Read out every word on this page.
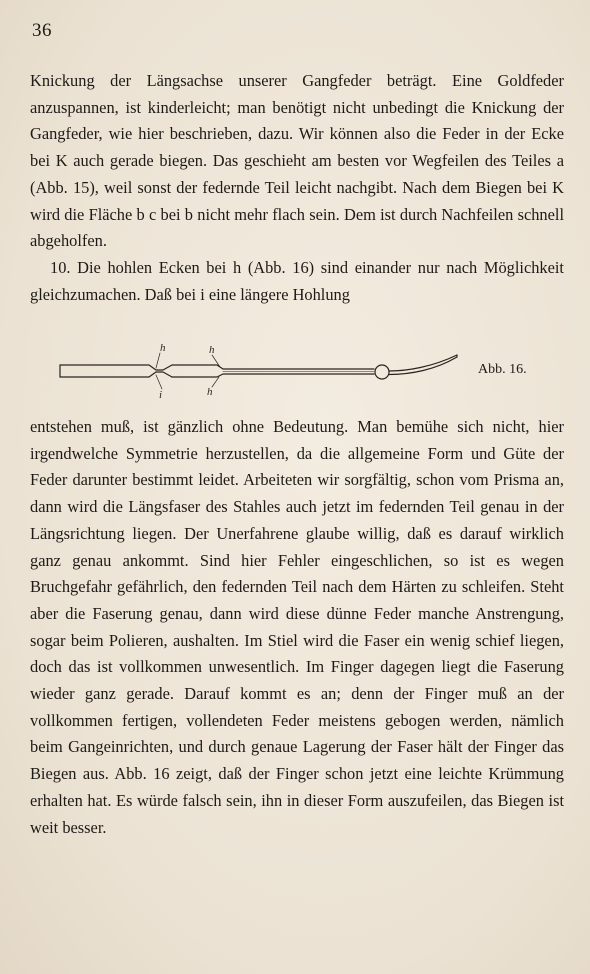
36

Knickung der Längsachse unserer Gangfeder beträgt. Eine Goldfeder anzuspannen, ist kinderleicht; man benötigt nicht unbedingt die Knickung der Gangfeder, wie hier beschrieben, dazu. Wir können also die Feder in der Ecke bei K auch gerade biegen. Das geschieht am besten vor Wegfeilen des Teiles a (Abb. 15), weil sonst der federnde Teil leicht nachgibt. Nach dem Biegen bei K wird die Fläche b c bei b nicht mehr flach sein. Dem ist durch Nachfeilen schnell abgeholfen.

10. Die hohlen Ecken bei h (Abb. 16) sind einander nur nach Möglichkeit gleichzumachen. Daß bei i eine längere Hohlung

h	h
h
i
Abb. 16.

entstehen muß, ist gänzlich ohne Bedeutung. Man bemühe sich nicht, hier irgendwelche Symmetrie herzustellen, da die allgemeine Form und Güte der Feder darunter bestimmt leidet. Arbeiteten wir sorgfältig, schon vom Prisma an, dann wird die Längsfaser des Stahles auch jetzt im federnden Teil genau in der Längsrichtung liegen. Der Unerfahrene glaube willig, daß es darauf wirklich ganz genau ankommt. Sind hier Fehler eingeschlichen, so ist es wegen Bruchgefahr gefährlich, den federnden Teil nach dem Härten zu schleifen. Steht aber die Faserung genau, dann wird diese dünne Feder manche Anstrengung, sogar beim Polieren, aushalten. Im Stiel wird die Faser ein wenig schief liegen, doch das ist vollkommen unwesentlich. Im Finger dagegen liegt die Faserung wieder ganz gerade. Darauf kommt es an; denn der Finger muß an der vollkommen fertigen, vollendeten Feder meistens gebogen werden, nämlich beim Gangeinrichten, und durch genaue Lagerung der Faser hält der Finger das Biegen aus. Abb. 16 zeigt, daß der Finger schon jetzt eine leichte Krümmung erhalten hat. Es würde falsch sein, ihn in dieser Form auszufeilen, das Biegen ist weit besser.
